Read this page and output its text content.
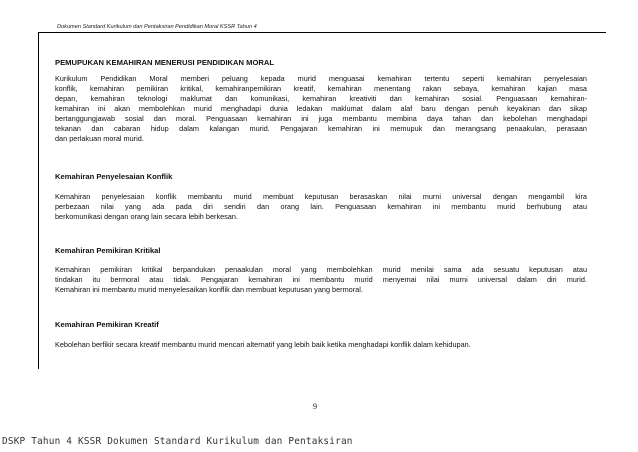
Dokumen Standard Kurikulum dan Pentaksiran Pendidikan Moral KSSR Tahun 4

PEMUPUKAN KEMAHIRAN MENERUSI PENDIDIKAN MORAL

Kurikulum Pendidikan Moral memberi peluang kepada murid menguasai kemahiran tertentu seperti kemahiran penyelesaian
konflik, kemahiran pemikiran kritikal, kemahiranpemikiran kreatif, kemahiran menentang rakan sebaya, kemahiran kajian masa
depan, kemahiran teknologi maklumat dan komunikasi, kemahiran kreativiti dan kemahiran sosial. Penguasaan kemahiran-
kemahiran ini akan membolehkan murid menghadapi dunia ledakan maklumat dalam alaf baru dengan penuh keyakinan dan sikap
bertanggungjawab sosial dan moral. Penguasaan kemahiran ini juga membantu membina daya tahan dan kebolehan menghadapi
tekanan dan cabaran hidup dalam kalangan murid. Pengajaran kemahiran ini memupuk dan merangsang penaakulan, perasaan
dan perlakuan moral murid.

Kemahiran Penyelesaian Konflik

Kemahiran penyelesaian konflik membantu murid membuat keputusan berasaskan nilai murni universal dengan mengambil kira
perbezaan nilai yang ada pada diri sendiri dan orang lain. Penguasaan kemahiran ini membantu murid berhubung atau
berkomunikasi dengan orang lain secara lebih berkesan.

Kemahiran Pemikiran Kritikal

Kemahiran pemikiran kritikal berpandukan penaakulan moral yang membolehkan murid menilai sama ada sesuatu keputusan atau
tindakan itu bermoral atau tidak. Pengajaran kemahiran ini membantu murid menyemai nilai murni universal dalam diri murid.
Kemahiran ini membantu murid menyelesaikan konflik dan membuat keputusan yang bermoral.

Kemahiran Pemikiran Kreatif

Kebolehan berfikir secara kreatif membantu murid mencari alternatif yang lebih baik ketika menghadapi konflik dalam kehidupan.
9
DSKP Tahun 4 KSSR Dokumen Standard Kurikulum dan Pentaksiran
